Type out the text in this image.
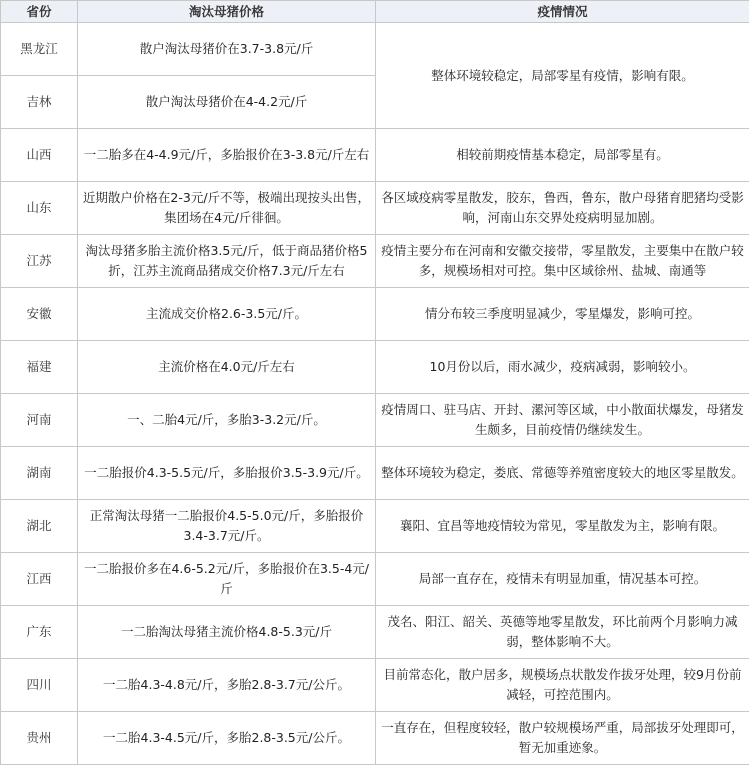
省份	淘汰母猪价格	疫情情况
黑龙江	散户淘汰母猪价在3.7-3.8元/斤	整体环境较稳定，局部零星有疫情，影响有限。
吉林	散户淘汰母猪价在4-4.2元/斤	
山西	一二胎多在4-4.9元/斤，多胎报价在3-3.8元/斤左右	相较前期疫情基本稳定，局部零星有。
山东	近期散户价格在2-3元/斤不等，极端出现按头出售，集团场在4元/斤徘徊。	各区域疫病零星散发，胶东，鲁西，鲁东，散户母猪育肥猪均受影响，河南山东交界处疫病明显加剧。
江苏	淘汰母猪多胎主流价格3.5元/斤，低于商品猪价格5折，江苏主流商品猪成交价格7.3元/斤左右	疫情主要分布在河南和安徽交接带，零星散发，主要集中在散户较多，规模场相对可控。集中区域徐州、盐城、南通等
安徽	主流成交价格2.6-3.5元/斤。	情分布较三季度明显减少，零星爆发，影响可控。
福建	主流价格在4.0元/斤左右	10月份以后，雨水减少，疫病减弱，影响较小。
河南	一、二胎4元/斤，多胎3-3.2元/斤。	疫情周口、驻马店、开封、漯河等区域，中小散面状爆发，母猪发生颇多，目前疫情仍继续发生。
湖南	一二胎报价4.3-5.5元/斤，多胎报价3.5-3.9元/斤。	整体环境较为稳定，娄底、常德等养殖密度较大的地区零星散发。
湖北	正常淘汰母猪一二胎报价4.5-5.0元/斤，多胎报价3.4-3.7元/斤。	襄阳、宜昌等地疫情较为常见，零星散发为主，影响有限。
江西	一二胎报价多在4.6-5.2元/斤，多胎报价在3.5-4元/斤	局部一直存在，疫情未有明显加重，情况基本可控。
广东	一二胎淘汰母猪主流价格4.8-5.3元/斤	茂名、阳江、韶关、英德等地零星散发，环比前两个月影响力减弱，整体影响不大。
四川	一二胎4.3-4.8元/斤，多胎2.8-3.7元/公斤。	目前常态化，散户居多，规模场点状散发作拔牙处理，较9月份前减轻，可控范围内。
贵州	一二胎4.3-4.5元/斤，多胎2.8-3.5元/公斤。	一直存在，但程度较轻，散户较规模场严重，局部拔牙处理即可，暂无加重迹象。
